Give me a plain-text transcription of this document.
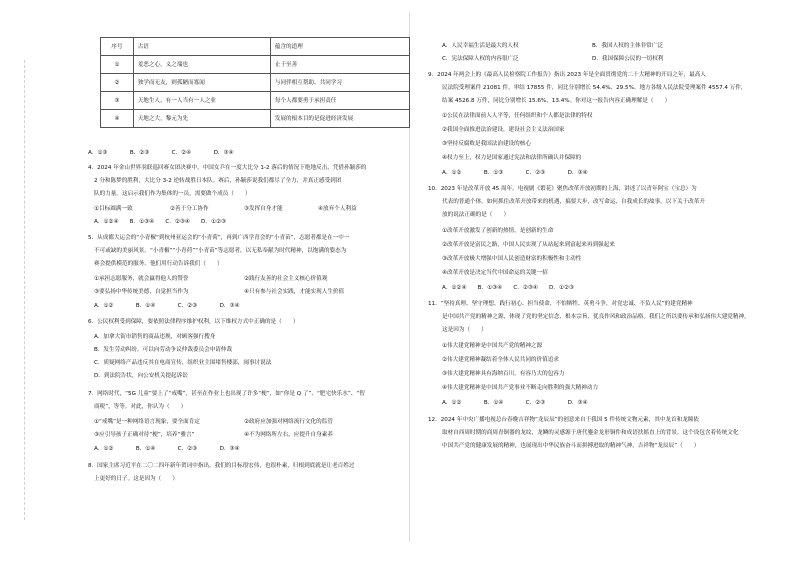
序号	古语	蕴含的道理
①	羞恶之心，义之端也	止于至善
②	独学而无友，则孤陋而寡闻	与同伴相互帮助、共同学习
③	天地生人，有一人当有一人之业	每个人都要勇于承担责任
④	天地之大，黎元为先	发展的根本目的是促进经济发展
A．①③　　　　B．②③　　　　C．②④　　　　D．③④
4．2024 年金山世界羽联巡回赛女团决赛中，中国女乒在一度大比分 1-2 落后的情况下绝地反击，凭借孙颖莎的
2 分和陈梦的胜利，大比分 3-2 逆转战胜日本队。赛后，孙颖莎说我们都尽了全力，并真正感受到团
队的力量。这启示我们作为集体的一员，需要做个成员（　　）
①目标圆满一致	②善于分工协作	③发挥自身才能	④放弃个人利益
A．①②④　　B．①③④　　C．②③④　　D．①②③
5．从成都大运会的“小青椒”到杭州亚运会的“小青荷”，再到广西学青会的“小青苗”，志愿者都是在一中一
不可或缺的美丽风景。“小青椒”“小青荷”“小青苗”等志愿者，以无私奉献为时代精神，以饱满的姿态为
赛会提供模范的服务。他们用行动告诉我们（　　）
①承担志愿服务，就会赢得他人的赞誉	②践行友善的社会主义核心价值观
③要弘扬中华传统美德，自觉担当作为	④只有参与社会实践，才能实现人生价值
A．①②　　　　B．①④　　　　C．②③　　　　D．③④
6．公民权利受到保障，要依照法律程序维护权利，以下维权方式中正确的是（　　）
A．加拿大街市销售的商品违规，对顾客强行搜身
B．发生劳动纠纷，可以向劳动争议仲裁委员会申请仲裁
C．质疑网络产品违反其在电商宣传，组织业主围堵售楼部，闹事讨说法
D．到法院告状，向公安机关提起诉讼
7．网络时代，“5G 儿童”要上了“戒嘴”，甚至在作业上也出现了许多“梗”，如“你是 Q 了”、“肥宅快乐水”、“智
商税”，等等。对此，你认为（　　）
①“戒嘴”是一种网络语言现象，要全面肯定	②政府应加强对网络流行文化的监管
③应引导孩子正确对待“梗”，培养“雅言”	④不为网络所左右，应提升自身素养
A．①②　　　　B．①④　　　　C．②③　　　　D．③④
8．国家主席习近平在二〇二四年新年贺词中指出，我们的目标很宏伟，也很朴素，归根到底就是让老百姓过
上更好的日子。这是因为（　　）
A．人民幸福生活是最大的人权	B．我国人权的主体非常广泛
C．宪法保障人权的内容很广泛	D．我国保障公民的一切权利
9．2024 年两会上的《最高人民检察院工作报告》指出 2023 年是全面贯彻党的二十大精神的开局之年，最高人
民法院受理案件 21081 件，审结 17855 件，同比分别增长 54.4%、29.5%。地方各级人民法院受理案件 4557.4 万件，
结案 4526.8 万件，同比分别增长 15.6%、13.4%。你对这一报告内容正确理解是（　　）
①公民在法律面前人人平等，任何组织和个人都是法律的特权
②我国全面推进法治建设，建设社会主义法治国家
③坚持反腐败是我国法治建设的核心
④权力至上，权力是国家通过宪法和法律所确认并保障的
A．①②　　　　B．①③　　　　C．②③　　　　D．③④
10．2023 年是改革开放 45 周年。电视剧《繁花》聚焦改革开放初期的上海，讲述了以青年阿宝（宝总）为
代表的普通个体，如何抓住改革开放带来的机遇，搞要大步，改写命运、自我成长的故事，以下关于改革开
放的说法正确的是（　　）
①改革开放激发了创新的热情，是创新的生命
②改革开放是富民之路，中国人民实现了从站起来到富起来再到强起来
③改革开放极大增强中国人民创造财富的积极性和主动性
④改革开放是决定当代中国命运的关键一招
A．①②④　　B．①③④　　C．②③④　　D．①②③
11．“坚持真理、坚守理想，践行初心、担当使命，不怕牺牲、英勇斗争，对党忠诚、不负人民”的建党精神
是中国共产党的精神之源，体现了党的坚定信念、根本宗旨、优良作风和政治品格。我们之所以要传承和弘扬伟大建党精神，
这是因为（　　）
①伟大建党精神是中国共产党的精神之源
②伟大建党精神凝结着全体人民共同的价值追求
③伟大建党精神具有海纳百川，有容乃大的包容力
④伟大建党精神是中国共产党事业不断走向胜利的强大精神动力
A．①②　　　　B．①④　　　　C．②③　　　　D．③④
12．2024 年中央广播电视总台春晚吉祥物“龙辰辰”的创意来自于我国 5 件传统文物元素，其中龙首和龙瞳依
取材自西周时期的商周青铜器的龙纹，龙鳞的灵感源于唐代鎏金龙形铜件和成语扶摇直上的背景。这个设包含着传统文化
中国共产党的健康发展的精神，也展现出中华民族奋斗而拼搏进取的精神气神，吉祥物“龙辰辰”（　　）
